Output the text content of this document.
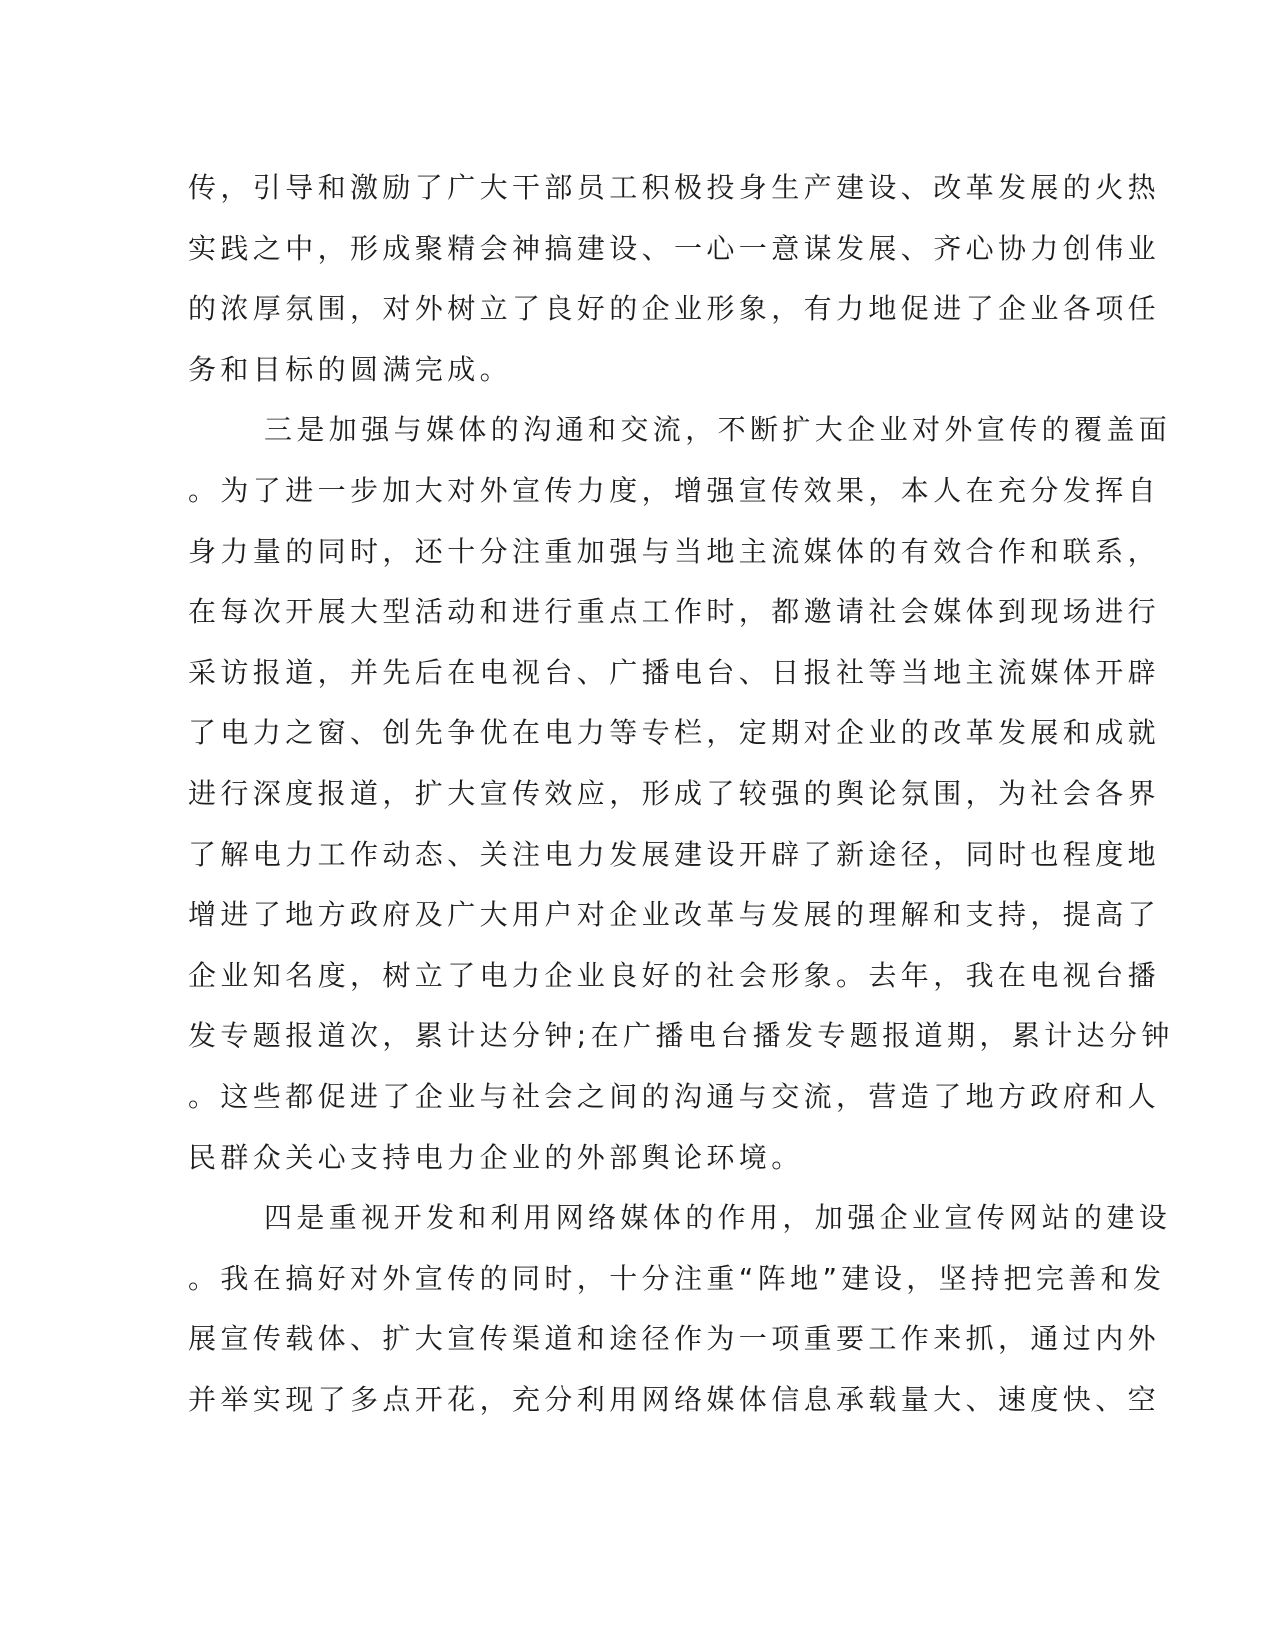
传，引导和激励了广大干部员工积极投身生产建设、改革发展的火热
实践之中，形成聚精会神搞建设、一心一意谋发展、齐心协力创伟业
的浓厚氛围，对外树立了良好的企业形象，有力地促进了企业各项任
务和目标的圆满完成。
三是加强与媒体的沟通和交流，不断扩大企业对外宣传的覆盖面
。为了进一步加大对外宣传力度，增强宣传效果，本人在充分发挥自
身力量的同时，还十分注重加强与当地主流媒体的有效合作和联系，
在每次开展大型活动和进行重点工作时，都邀请社会媒体到现场进行
采访报道，并先后在电视台、广播电台、日报社等当地主流媒体开辟
了电力之窗、创先争优在电力等专栏，定期对企业的改革发展和成就
进行深度报道，扩大宣传效应，形成了较强的舆论氛围，为社会各界
了解电力工作动态、关注电力发展建设开辟了新途径，同时也程度地
增进了地方政府及广大用户对企业改革与发展的理解和支持，提高了
企业知名度，树立了电力企业良好的社会形象。去年，我在电视台播
发专题报道次，累计达分钟;在广播电台播发专题报道期，累计达分钟
。这些都促进了企业与社会之间的沟通与交流，营造了地方政府和人
民群众关心支持电力企业的外部舆论环境。
四是重视开发和利用网络媒体的作用，加强企业宣传网站的建设
。我在搞好对外宣传的同时，十分注重“阵地”建设，坚持把完善和发
展宣传载体、扩大宣传渠道和途径作为一项重要工作来抓，通过内外
并举实现了多点开花，充分利用网络媒体信息承载量大、速度快、空
